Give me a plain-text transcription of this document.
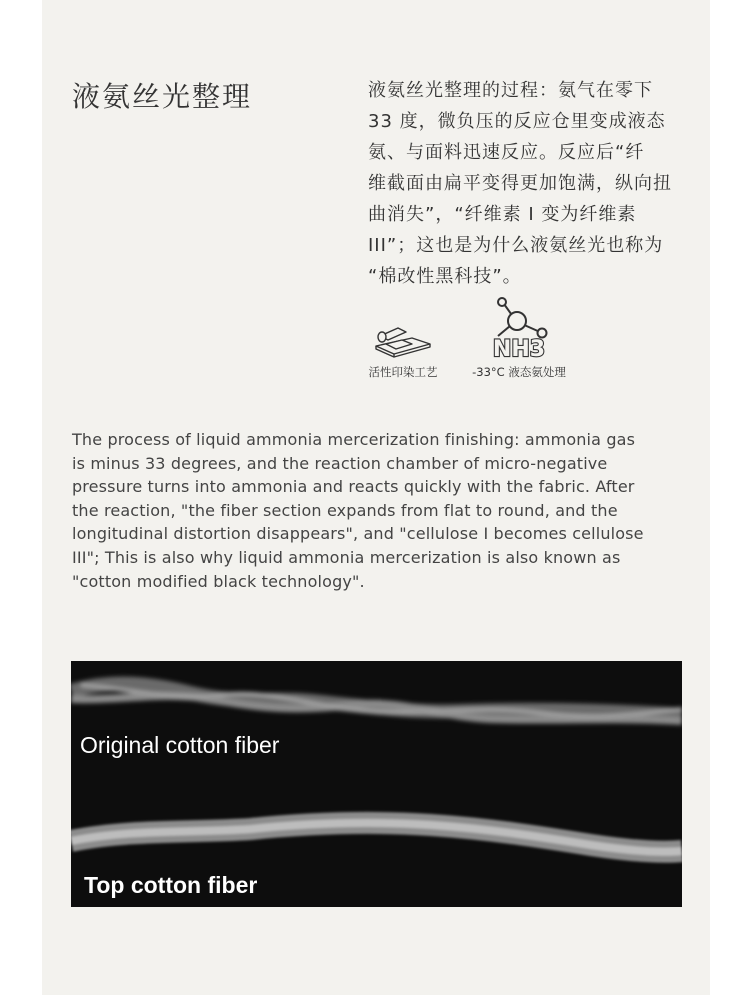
液氨丝光整理	液氨丝光整理的过程：氨气在零下
33 度，微负压的反应仓里变成液态
氨、与面料迅速反应。反应后“纤
维截面由扁平变得更加饱满，纵向扭
曲消失”，“纤维素 I 变为纤维素
III”；这也是为什么液氨丝光也称为
“棉改性黑科技”。
活性印染工艺
NH3
-33°C 液态氨处理
The process of liquid ammonia mercerization finishing: ammonia gas
is minus 33 degrees, and the reaction chamber of micro-negative
pressure turns into ammonia and reacts quickly with the fabric. After
the reaction, "the fiber section expands from flat to round, and the
longitudinal distortion disappears", and "cellulose I becomes cellulose
III"; This is also why liquid ammonia mercerization is also known as
"cotton modified black technology".
Original cotton fiber
Top cotton fiber
